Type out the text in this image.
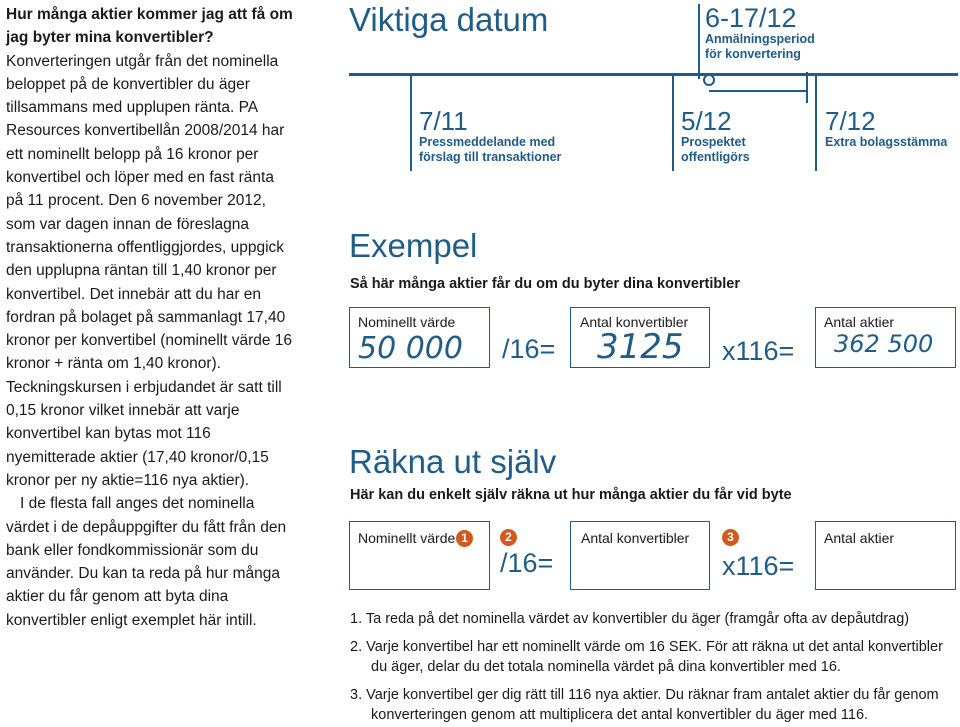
Hur många aktier kommer jag att få om jag byter mina konvertibler?

Konverteringen utgår från det nominella beloppet på de konvertibler du äger tillsammans med upplupen ränta. PA Resources konvertibellån 2008/2014 har ett nominellt belopp på 16 kronor per konvertibel och löper med en fast ränta på 11 procent. Den 6 november 2012, som var dagen innan de föreslagna transaktionerna offentliggjordes, uppgick den upplupna räntan till 1,40 kronor per konvertibel. Det innebär att du har en fordran på bolaget på sammanlagt 17,40 kronor per konvertibel (nominellt värde 16 kronor + ränta om 1,40 kronor). Teckningskursen i erbjudandet är satt till 0,15 kronor vilket innebär att varje konvertibel kan bytas mot 116 nyemitterade aktier (17,40 kronor/0,15 kronor per ny aktie=116 nya aktier).

I de flesta fall anges det nominella värdet i de depåuppgifter du fått från den bank eller fondkommissionär som du använder. Du kan ta reda på hur många aktier du får genom att byta dina konvertibler enligt exemplet här intill.

Viktiga datum	6-17/12
Anmälningsperiod
för konvertering
7/11
Pressmeddelande med
förslag till transaktioner
5/12
Prospektet
offentligörs
7/12
Extra bolagsstämma
Exempel
Så här många aktier får du om du byter dina konvertibler
Nominellt värde
50 000 /16=
Antal konvertibler
3125 x116=
Antal aktier
362 500
Räkna ut själv
Här kan du enkelt själv räkna ut hur många aktier du får vid byte
Nominellt värde 1	2
/16=
Antal konvertibler	3
x116=
Antal aktier

1. Ta reda på det nominella värdet av konvertibler du äger (framgår ofta av depåutdrag)

2. Varje konvertibel har ett nominellt värde om 16 SEK. För att räkna ut det antal konvertibler du äger, delar du det totala nominella värdet på dina konvertibler med 16.

3. Varje konvertibel ger dig rätt till 116 nya aktier. Du räknar fram antalet aktier du får genom konverteringen genom att multiplicera det antal konvertibler du äger med 116.
